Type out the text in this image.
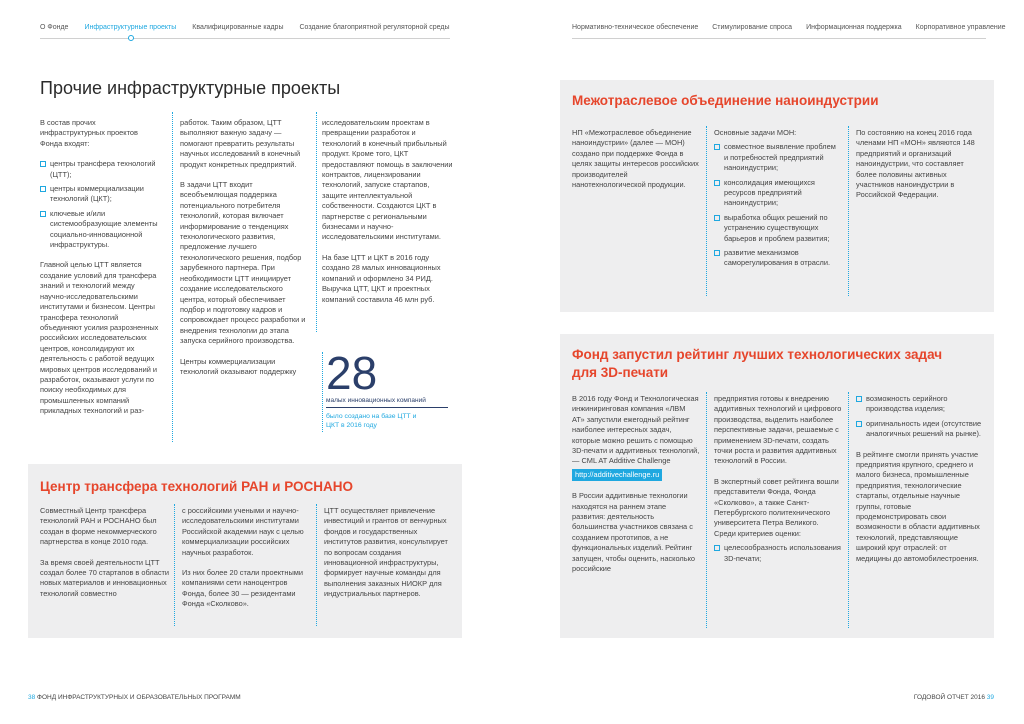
О Фонде Инфраструктурные проекты Квалифицированные кадры Создание благоприятной регуляторной среды
Прочие инфраструктурные проекты

В состав прочих инфраструктурных проектов Фонда входят:

центры трансфера технологий (ЦТТ);
центры коммерциализации технологий (ЦКТ);
ключевые и/или системообразующие элементы социально-инновационной инфраструктуры.

Главной целью ЦТТ является создание условий для трансфера знаний и технологий между научно-исследовательскими институтами и бизнесом. Центры трансфера технологий объединяют усилия разрозненных российских исследовательских центров, консолидируют их деятельность с работой ведущих мировых центров исследований и разработок, оказывают услуги по поиску необходимых для промышленных компаний прикладных технологий и раз-

работок. Таким образом, ЦТТ выполняют важную задачу — помогают превратить результаты научных исследований в конечный продукт конкретных предприятий.

В задачи ЦТТ входит всеобъемлющая поддержка потенциального потребителя технологий, которая включает информирование о тенденциях технологического развития, предложение лучшего технологического решения, подбор зарубежного партнера. При необходимости ЦТТ инициирует создание исследовательского центра, который обеспечивает подбор и подготовку кадров и сопровождает процесс разработки и внедрения технологии до этапа запуска серийного производства.

Центры коммерциализации технологий оказывают поддержку

исследовательским проектам в превращении разработок и технологий в конечный прибыльный продукт. Кроме того, ЦКТ предоставляют помощь в заключении контрактов, лицензировании технологий, запуске стартапов, защите интеллектуальной собственности. Создаются ЦКТ в партнерстве с региональными бизнесами и научно-исследовательскими институтами.

На базе ЦТТ и ЦКТ в 2016 году создано 28 малых инновационных компаний и оформлено 34 РИД. Выручка ЦТТ, ЦКТ и проектных компаний составила 46 млн руб.

28
малых инновационных компаний
было создано на базе ЦТТ и ЦКТ в 2016 году
Центр трансфера технологий РАН и РОСНАНО

Совместный Центр трансфера технологий РАН и РОСНАНО был создан в форме некоммерческого партнерства в конце 2010 года.

За время своей деятельности ЦТТ создал более 70 стартапов в области новых материалов и инновационных технологий совместно

с российскими учеными и научно-исследовательскими институтами Российской академии наук с целью коммерциализации российских научных разработок.

Из них более 20 стали проектными компаниями сети наноцентров Фонда, более 30 — резидентами Фонда «Сколково».

ЦТТ осуществляет привлечение инвестиций и грантов от венчурных фондов и государственных институтов развития, консультирует по вопросам создания инновационной инфраструктуры, формирует научные команды для выполнения заказных НИОКР для индустриальных партнеров.

38 ФОНД ИНФРАСТРУКТУРНЫХ И ОБРАЗОВАТЕЛЬНЫХ ПРОГРАММ
Нормативно-техническое обеспечение Стимулирование спроса Информационная поддержка Корпоративное управление
Межотраслевое объединение наноиндустрии

НП «Межотраслевое объединение наноиндустрии» (далее — МОН) создано при поддержке Фонда в целях защиты интересов российских производителей нанотехнологической продукции.

Основные задачи МОН:

совместное выявление проблем и потребностей предприятий наноиндустрии;
консолидация имеющихся ресурсов предприятий наноиндустрии;
выработка общих решений по устранению существующих барьеров и проблем развития;
развитие механизмов саморегулирования в отрасли.

По состоянию на конец 2016 года членами НП «МОН» являются 148 предприятий и организаций наноиндустрии, что составляет более половины активных участников наноиндустрии в Российской Федерации.

Фонд запустил рейтинг лучших технологических задач для 3D-печати

В 2016 году Фонд и Технологическая инжиниринговая компания «ЛВМ АТ» запустили ежегодный рейтинг наиболее интересных задач, которые можно решить с помощью 3D-печати и аддитивных технологий, — CML AT Additive Challenge

http://additivechallenge.ru

В России аддитивные технологии находятся на раннем этапе развития: деятельность большинства участников связана с созданием прототипов, а не функциональных изделий. Рейтинг запущен, чтобы оценить, насколько российские

предприятия готовы к внедрению аддитивных технологий и цифрового производства, выделить наиболее перспективные задачи, решаемые с применением 3D-печати, создать точки роста и развития аддитивных технологий в России.

В экспертный совет рейтинга вошли представители Фонда, Фонда «Сколково», а также Санкт-Петербургского политехнического университета Петра Великого. Среди критериев оценки:

целесообразность использования 3D-печати;
возможность серийного производства изделия;
оригинальность идеи (отсутствие аналогичных решений на рынке).

В рейтинге смогли принять участие предприятия крупного, среднего и малого бизнеса, промышленные предприятия, технологические стартапы, отдельные научные группы, готовые продемонстрировать свои возможности в области аддитивных технологий, представляющие широкий круг отраслей: от медицины до автомобилестроения.

ГОДОВОЙ ОТЧЕТ 2016 39
